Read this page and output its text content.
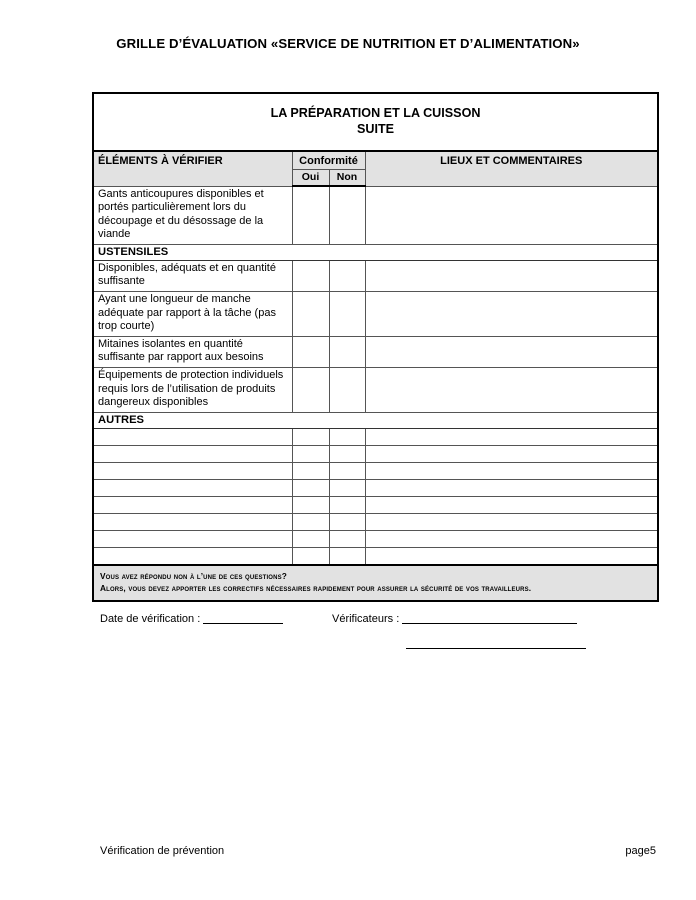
GRILLE D’ÉVALUATION «SERVICE DE NUTRITION ET D’ALIMENTATION»
LA PRÉPARATION ET LA CUISSON
SUITE			
ÉLÉMENTS À VÉRIFIER	Conformité		LIEUX ET COMMENTAIRES
	Oui	Non	
Gants anticoupures disponibles et portés particulièrement lors du découpage et du désossage de la viande			
USTENSILES			
Disponibles, adéquats et en quantité suffisante			
Ayant une longueur de manche adéquate par rapport à la tâche (pas trop courte)			
Mitaines isolantes en quantité suffisante par rapport aux besoins			
Équipements de protection individuels requis lors de l’utilisation de produits dangereux disponibles			
AUTRES			

Vous avez répondu non à l’une de ces questions?
Alors, vous devez apporter les correctifs nécessaires rapidement pour assurer la sécurité de vos travailleurs.			
Date de vérification :	Vérificateurs :
Vérification de prévention	page5
